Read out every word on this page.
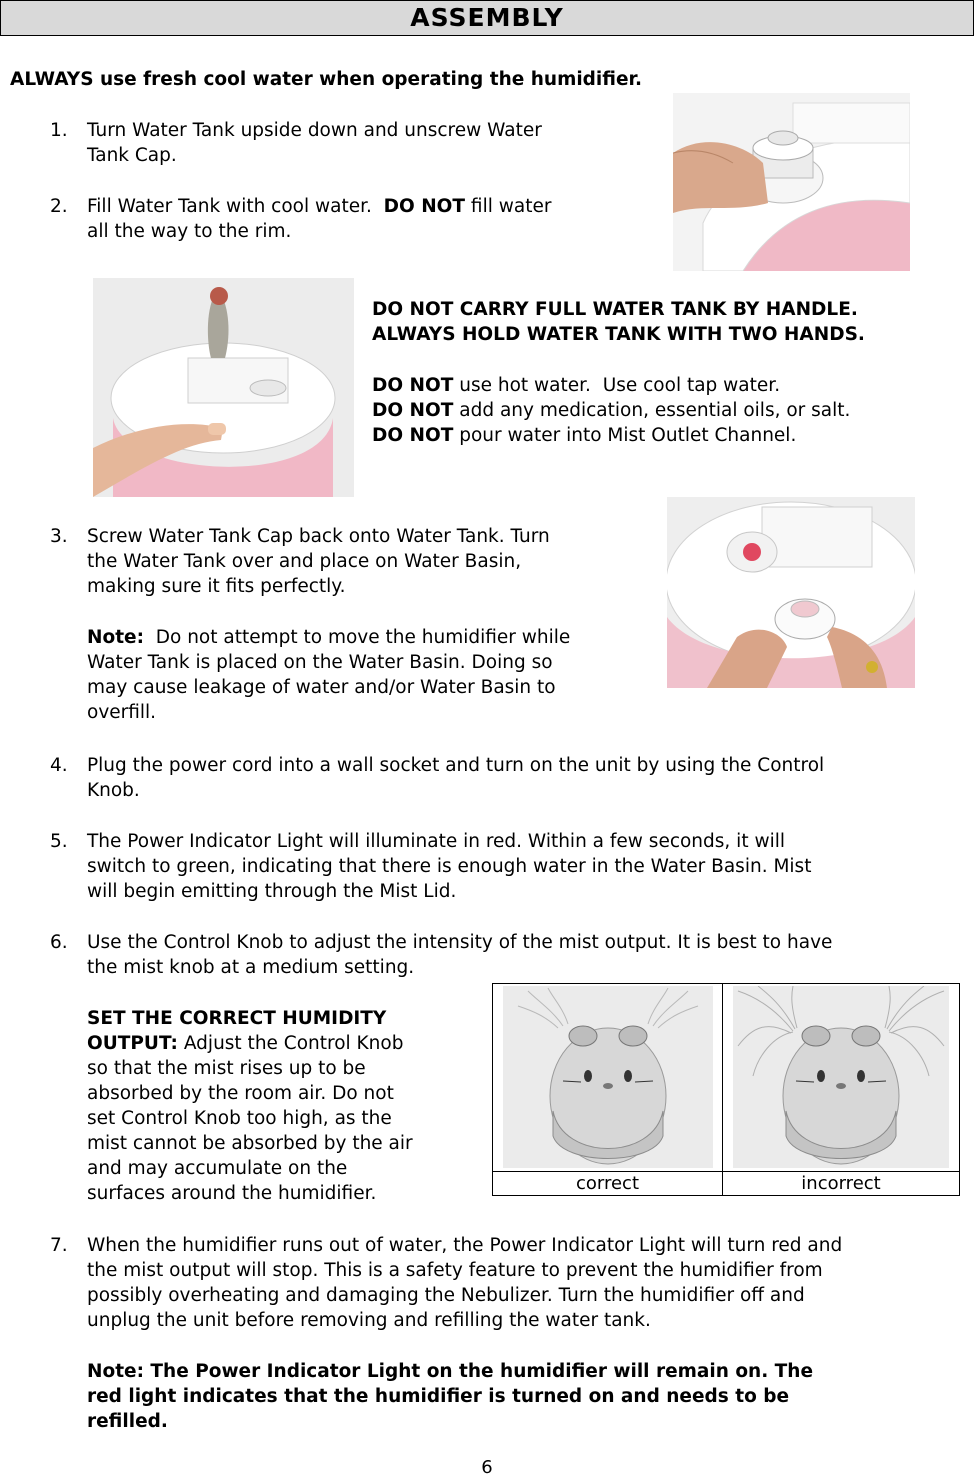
ASSEMBLY
ALWAYS use fresh cool water when operating the humidifier.
1. Turn Water Tank upside down and unscrew Water
Tank Cap.
2. Fill Water Tank with cool water.  DO NOT fill water
all the way to the rim.
DO NOT CARRY FULL WATER TANK BY HANDLE.
ALWAYS HOLD WATER TANK WITH TWO HANDS.
DO NOT use hot water.  Use cool tap water.
DO NOT add any medication, essential oils, or salt.
DO NOT pour water into Mist Outlet Channel.
3. Screw Water Tank Cap back onto Water Tank. Turn
the Water Tank over and place on Water Basin,
making sure it fits perfectly.
Note:  Do not attempt to move the humidifier while
Water Tank is placed on the Water Basin. Doing so
may cause leakage of water and/or Water Basin to
overfill.
4. Plug the power cord into a wall socket and turn on the unit by using the Control
Knob.
5. The Power Indicator Light will illuminate in red. Within a few seconds, it will
switch to green, indicating that there is enough water in the Water Basin. Mist
will begin emitting through the Mist Lid.
6. Use the Control Knob to adjust the intensity of the mist output. It is best to have
the mist knob at a medium setting.
SET THE CORRECT HUMIDITY
OUTPUT: Adjust the Control Knob
so that the mist rises up to be
absorbed by the room air. Do not
set Control Knob too high, as the
mist cannot be absorbed by the air
and may accumulate on the
surfaces around the humidifier.	correct	incorrect
7. When the humidifier runs out of water, the Power Indicator Light will turn red and
the mist output will stop. This is a safety feature to prevent the humidifier from
possibly overheating and damaging the Nebulizer. Turn the humidifier off and
unplug the unit before removing and refilling the water tank.
Note: The Power Indicator Light on the humidifier will remain on. The
red light indicates that the humidifier is turned on and needs to be
refilled.
6
